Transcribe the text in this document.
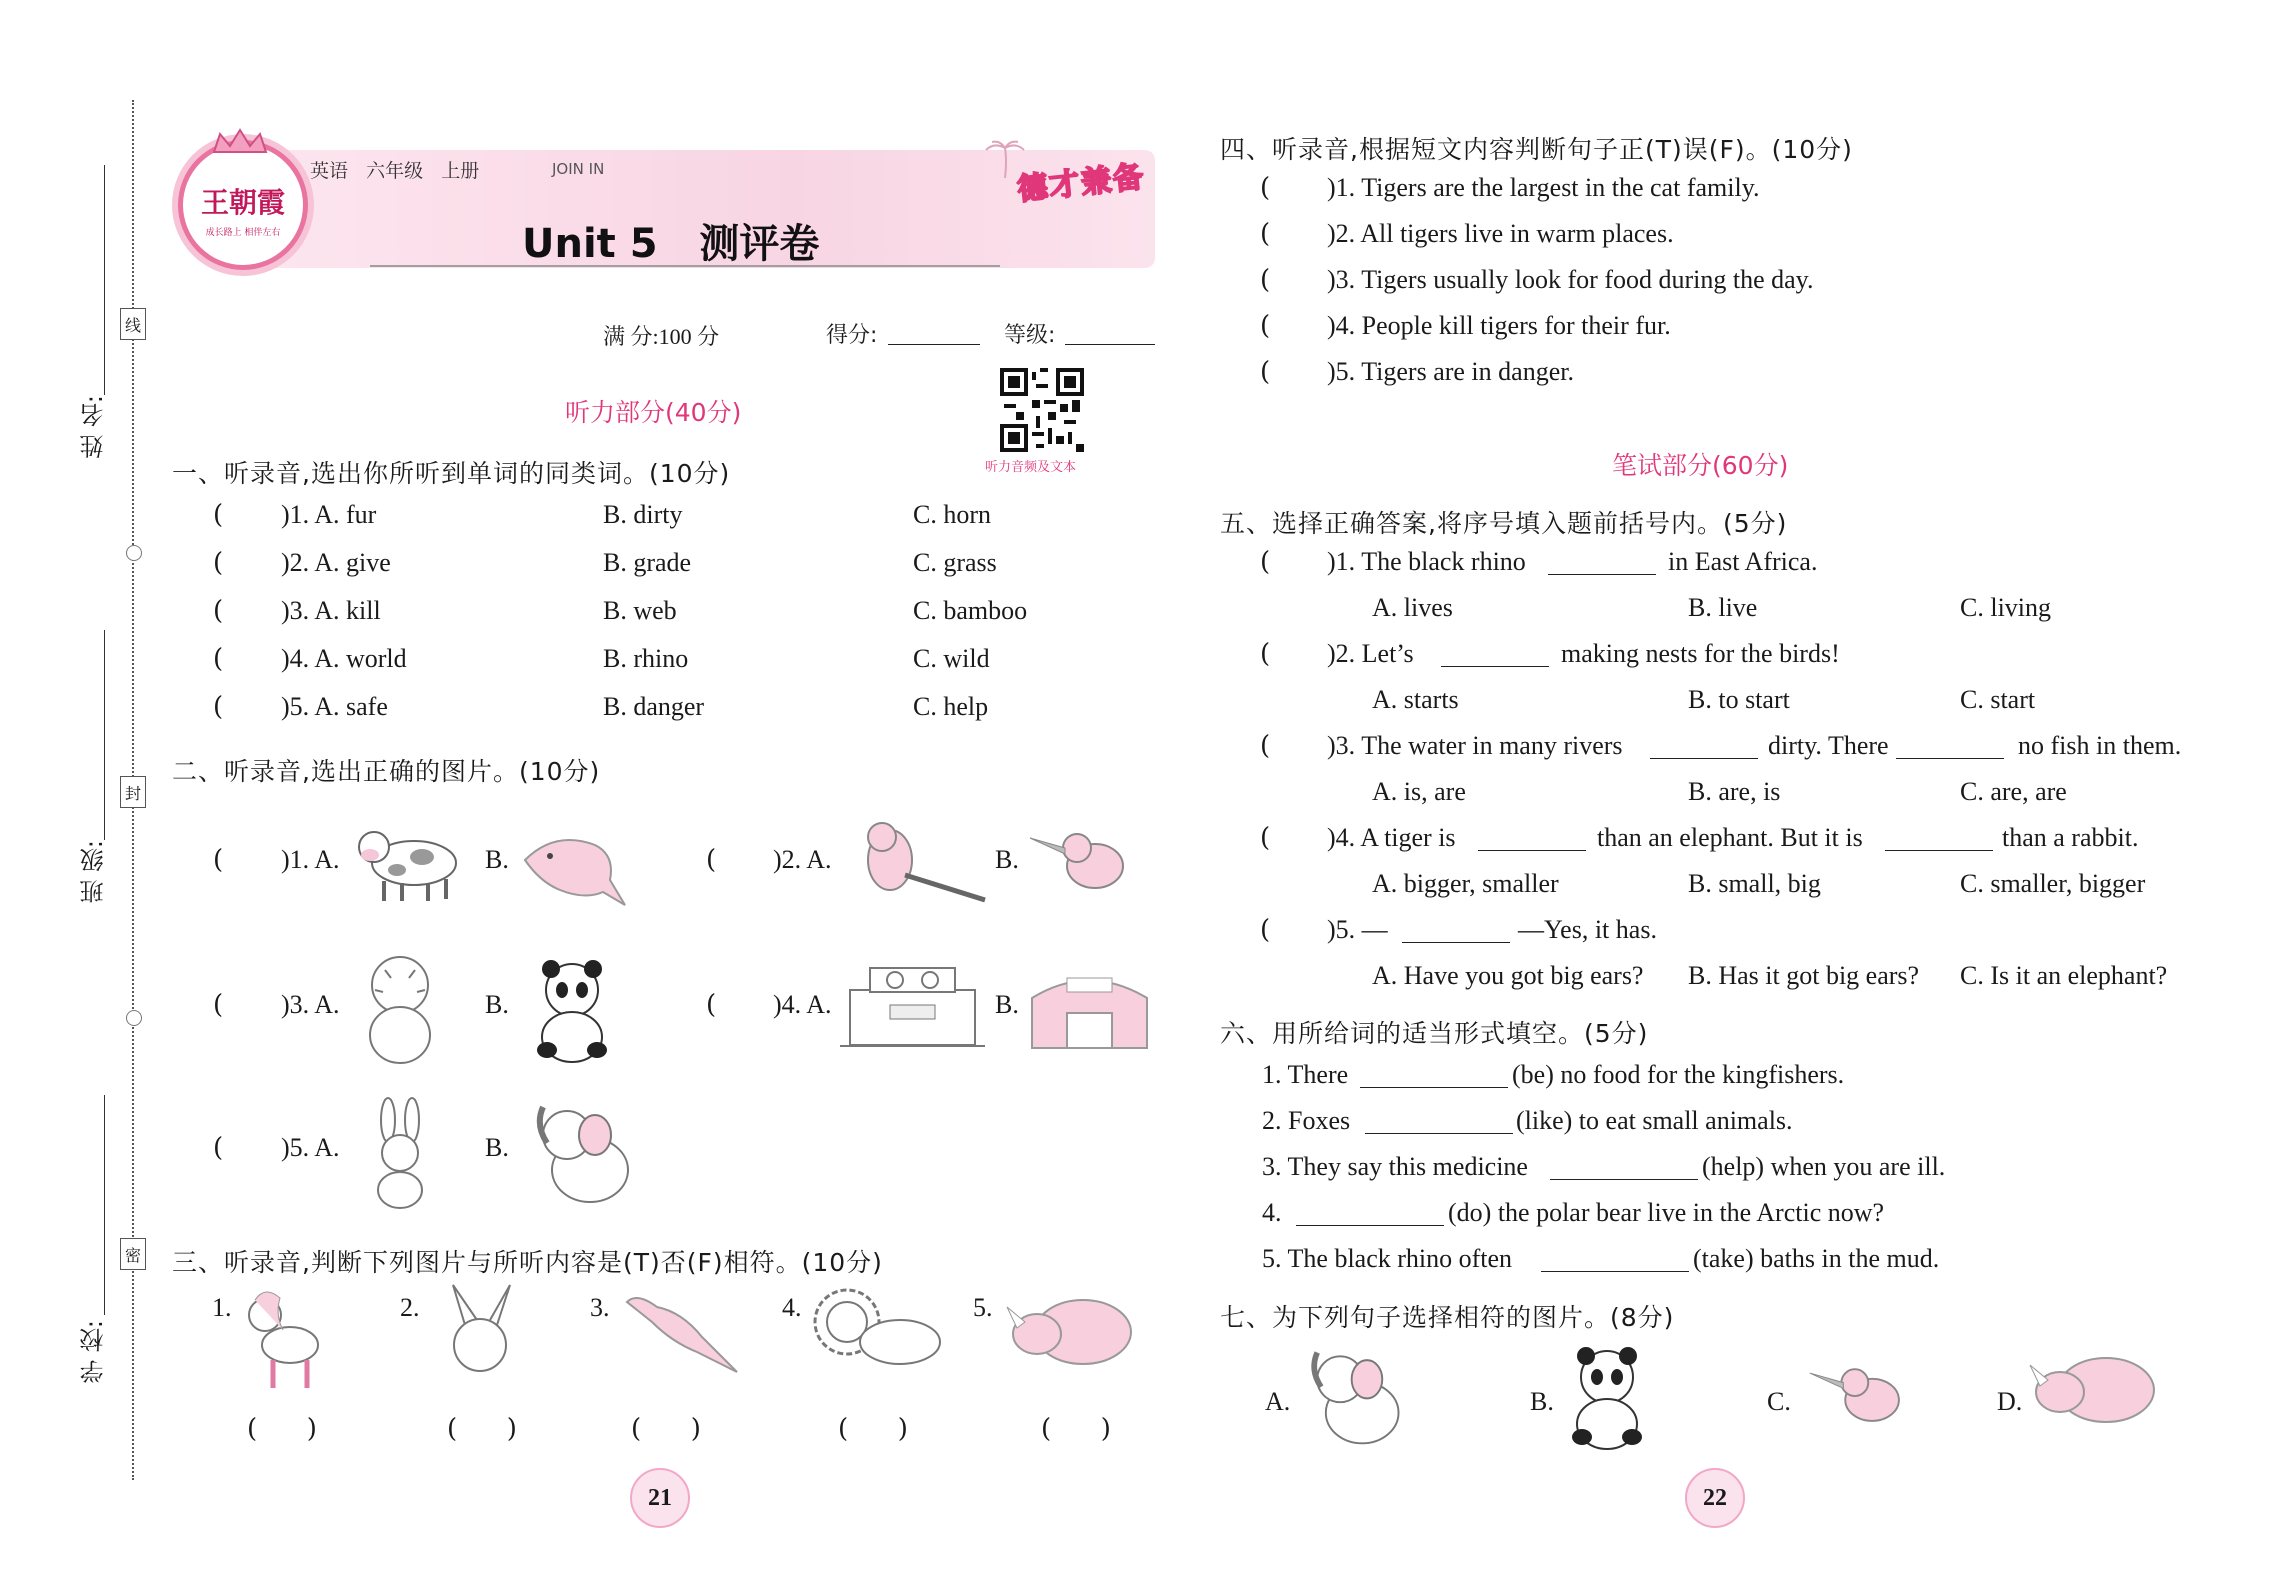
姓 名:
班 级:
学 校:
线
封
密
王朝霞
成长路上 相伴左右
英语   六年级   上册	JOIN IN
Unit 5   测评卷
德才兼备
满 分:100 分	得分:	等级:
听力音频及文本
听力部分(40分)
一、听录音,选出你所听到单词的同类词。(10分)
( )1. A. fur	B. dirty	C. horn
( )2. A. give	B. grade	C. grass
( )3. A. kill	B. web	C. bamboo
( )4. A. world	B. rhino	C. wild
( )5. A. safe	B. danger	C. help
二、听录音,选出正确的图片。(10分)
( )1. A.	B.	( )2. A.	B.
( )3. A.	B.	( )4. A.	B.
( )5. A.	B.
三、听录音,判断下列图片与所听内容是(T)否(F)相符。(10分)
1.
(      )
2.
(      )
3.
(      )
4.
(      )
5.
(      )
21
四、听录音,根据短文内容判断句子正(T)误(F)。(10分)
( )1. Tigers are the largest in the cat family.
( )2. All tigers live in warm places.
( )3. Tigers usually look for food during the day.
( )4. People kill tigers for their fur.
( )5. Tigers are in danger.
笔试部分(60分)
五、选择正确答案,将序号填入题前括号内。(5分)
( )1. The black rhino	in East Africa.
A. lives	B. live	C. living
( )2. Let’s	making nests for the birds!
A. starts	B. to start	C. start
( )3. The water in many rivers	dirty. There	no fish in them.
A. is, are	B. are, is	C. are, are
( )4. A tiger is	than an elephant. But it is	than a rabbit.
A. bigger, smaller	B. small, big	C. smaller, bigger
( )5. —	—Yes, it has.
A. Have you got big ears? B. Has it got big ears? C. Is it an elephant?
六、用所给词的适当形式填空。(5分)
1. There	(be) no food for the kingfishers.
2. Foxes	(like) to eat small animals.
3. They say this medicine	(help) when you are ill.
4.	(do) the polar bear live in the Arctic now?
5. The black rhino often	(take) baths in the mud.
七、为下列句子选择相符的图片。(8分)
A.	B.	C.	D.
22
